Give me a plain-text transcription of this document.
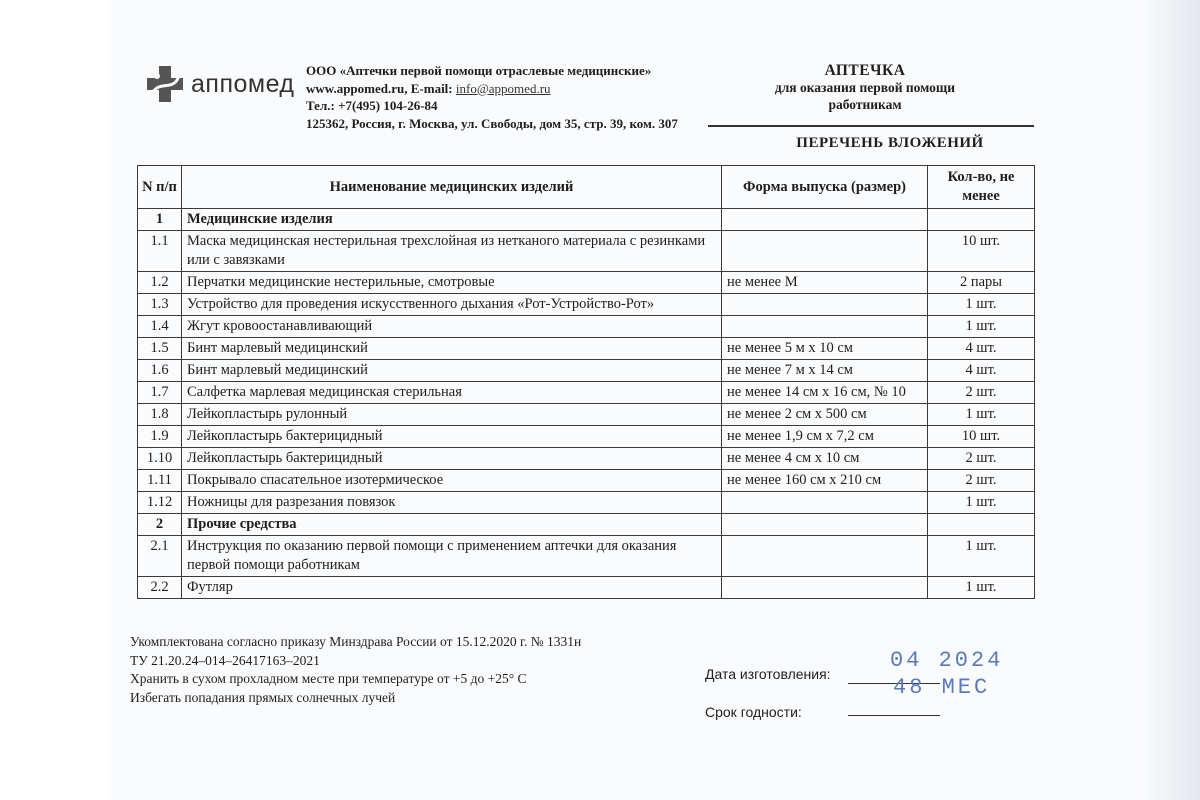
аппомед ООО «Аптечки первой помощи отраслевые медицинские»
www.appomed.ru, E-mail: info@appomed.ru
Тел.: +7(495) 104-26-84
125362, Россия, г. Москва, ул. Свободы, дом 35, стр. 39, ком. 307
АПТЕЧКА
для оказания первой помощи
работникам
ПЕРЕЧЕНЬ ВЛОЖЕНИЙ
N п/п	Наименование медицинских изделий	Форма выпуска (размер)	Кол-во, не менее
1	Медицинские изделия		
1.1	Маска медицинская нестерильная трехслойная из нетканого материала с резинками или с завязками		10 шт.
1.2	Перчатки медицинские нестерильные, смотровые	не менее M	2 пары
1.3	Устройство для проведения искусственного дыхания «Рот-Устройство-Рот»		1 шт.
1.4	Жгут кровоостанавливающий		1 шт.
1.5	Бинт марлевый медицинский	не менее 5 м x 10 см	4 шт.
1.6	Бинт марлевый медицинский	не менее 7 м x 14 см	4 шт.
1.7	Салфетка марлевая медицинская стерильная	не менее 14 см x 16 см, № 10	2 шт.
1.8	Лейкопластырь рулонный	не менее 2 см x 500 см	1 шт.
1.9	Лейкопластырь бактерицидный	не менее 1,9 см x 7,2 см	10 шт.
1.10	Лейкопластырь бактерицидный	не менее 4 см x 10 см	2 шт.
1.11	Покрывало спасательное изотермическое	не менее 160 см x 210 см	2 шт.
1.12	Ножницы для разрезания повязок		1 шт.
2	Прочие средства		
2.1	Инструкция по оказанию первой помощи с применением аптечки для оказания первой помощи работникам		1 шт.
2.2	Футляр		1 шт.
Укомплектована согласно приказу Минздрава России от 15.12.2020 г. № 1331н
ТУ 21.20.24–014–26417163–2021
Хранить в сухом прохладном месте при температуре от +5 до +25° С
Избегать попадания прямых солнечных лучей
Дата изготовления:
Срок годности:
04 2024
48 МЕС
